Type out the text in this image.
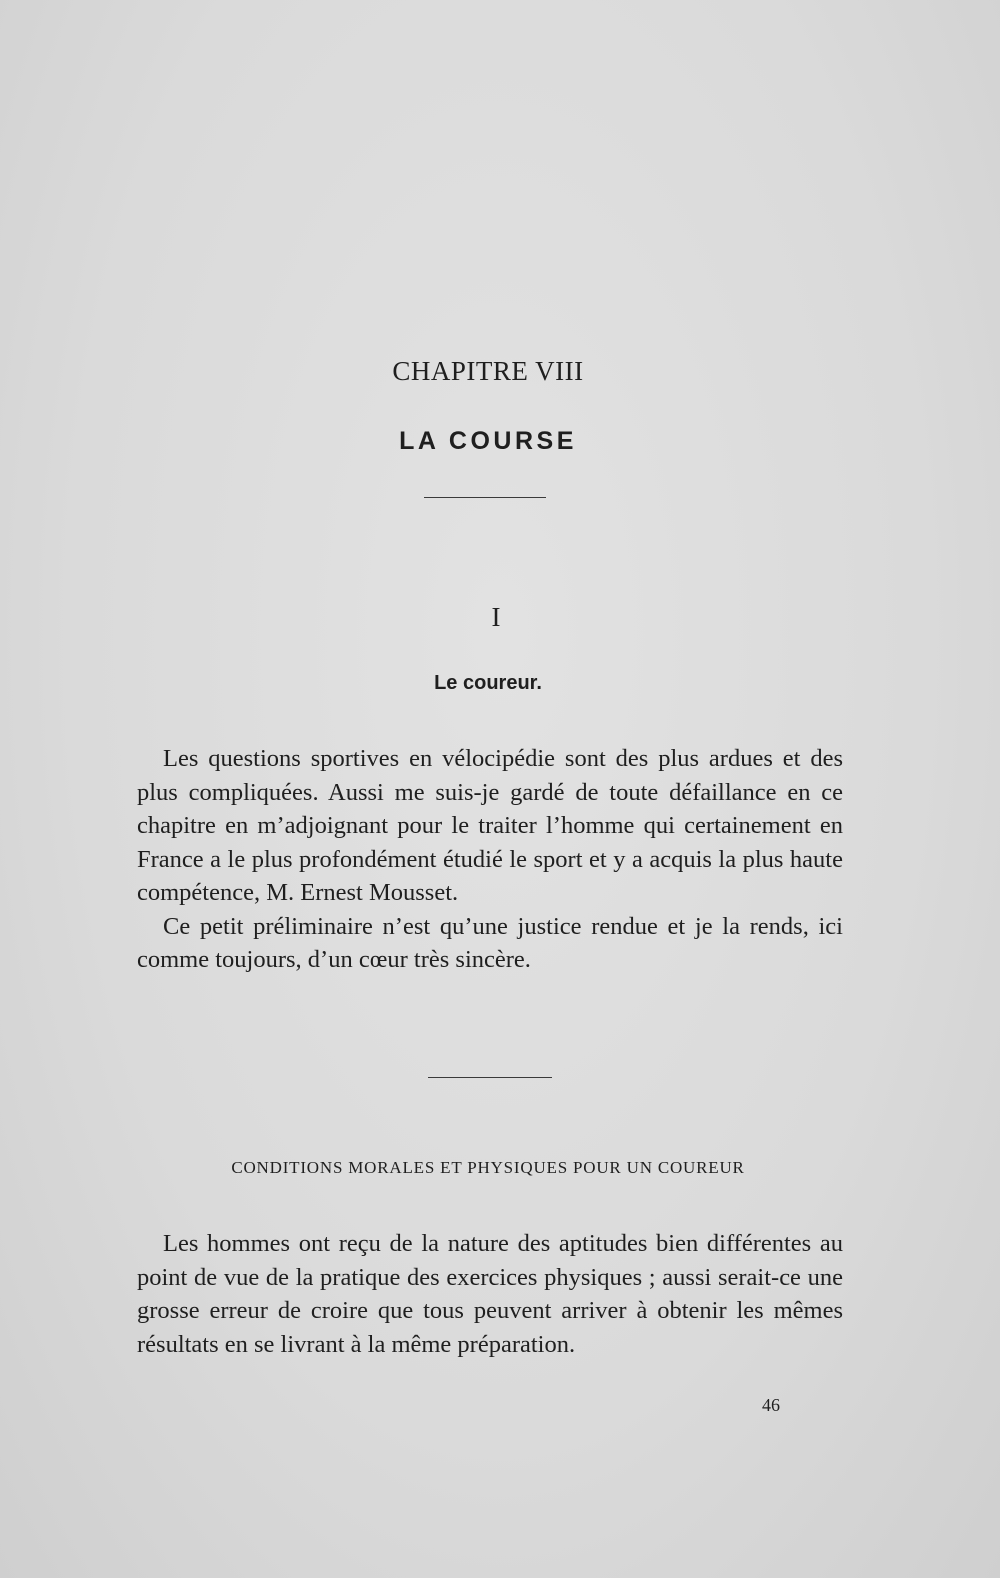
CHAPITRE VIII
LA COURSE
I
Le coureur.

Les questions sportives en vélocipédie sont des plus ardues et des plus compliquées. Aussi me suis-je gardé de toute défaillance en ce chapitre en m’adjoignant pour le traiter l’homme qui certainement en France a le plus profondément étudié le sport et y a acquis la plus haute compétence, M. Ernest Mousset.

Ce petit préliminaire n’est qu’une justice rendue et je la rends, ici comme toujours, d’un cœur très sincère.

CONDITIONS MORALES ET PHYSIQUES POUR UN COUREUR

Les hommes ont reçu de la nature des aptitudes bien différentes au point de vue de la pratique des exercices physiques ; aussi serait-ce une grosse erreur de croire que tous peuvent arriver à obtenir les mêmes résultats en se livrant à la même préparation.

46
